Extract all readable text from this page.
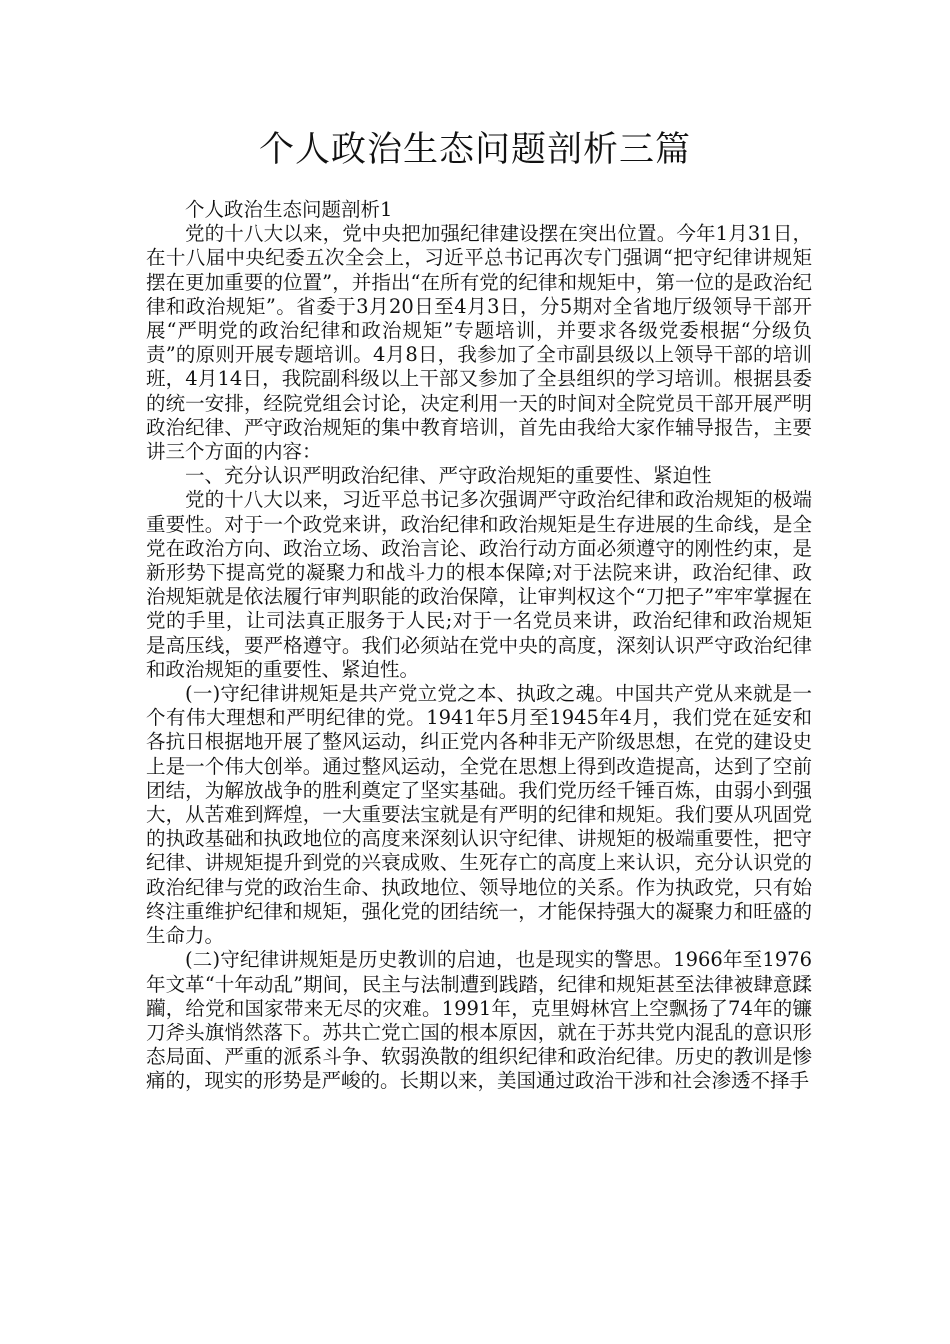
个人政治生态问题剖析三篇

个人政治生态问题剖析1

党的十八大以来，党中央把加强纪律建设摆在突出位置。今年1月31日，在十八届中央纪委五次全会上，习近平总书记再次专门强调“把守纪律讲规矩摆在更加重要的位置”，并指出“在所有党的纪律和规矩中，第一位的是政治纪律和政治规矩”。省委于3月20日至4月3日，分5期对全省地厅级领导干部开展“严明党的政治纪律和政治规矩”专题培训，并要求各级党委根据“分级负责”的原则开展专题培训。4月8日，我参加了全市副县级以上领导干部的培训班，4月14日，我院副科级以上干部又参加了全县组织的学习培训。根据县委的统一安排，经院党组会讨论，决定利用一天的时间对全院党员干部开展严明政治纪律、严守政治规矩的集中教育培训，首先由我给大家作辅导报告，主要讲三个方面的内容：

一、充分认识严明政治纪律、严守政治规矩的重要性、紧迫性

党的十八大以来，习近平总书记多次强调严守政治纪律和政治规矩的极端重要性。对于一个政党来讲，政治纪律和政治规矩是生存进展的生命线，是全党在政治方向、政治立场、政治言论、政治行动方面必须遵守的刚性约束，是新形势下提高党的凝聚力和战斗力的根本保障;对于法院来讲，政治纪律、政治规矩就是依法履行审判职能的政治保障，让审判权这个“刀把子”牢牢掌握在党的手里，让司法真正服务于人民;对于一名党员来讲，政治纪律和政治规矩是高压线，要严格遵守。我们必须站在党中央的高度，深刻认识严守政治纪律和政治规矩的重要性、紧迫性。

(一)守纪律讲规矩是共产党立党之本、执政之魂。中国共产党从来就是一个有伟大理想和严明纪律的党。1941年5月至1945年4月，我们党在延安和各抗日根据地开展了整风运动，纠正党内各种非无产阶级思想，在党的建设史上是一个伟大创举。通过整风运动，全党在思想上得到改造提高，达到了空前团结，为解放战争的胜利奠定了坚实基础。我们党历经千锤百炼，由弱小到强大，从苦难到辉煌，一大重要法宝就是有严明的纪律和规矩。我们要从巩固党的执政基础和执政地位的高度来深刻认识守纪律、讲规矩的极端重要性，把守纪律、讲规矩提升到党的兴衰成败、生死存亡的高度上来认识，充分认识党的政治纪律与党的政治生命、执政地位、领导地位的关系。作为执政党，只有始终注重维护纪律和规矩，强化党的团结统一，才能保持强大的凝聚力和旺盛的生命力。

(二)守纪律讲规矩是历史教训的启迪，也是现实的警思。1966年至1976年文革“十年动乱”期间，民主与法制遭到践踏，纪律和规矩甚至法律被肆意蹂躏，给党和国家带来无尽的灾难。1991年，克里姆林宫上空飘扬了74年的镰刀斧头旗悄然落下。苏共亡党亡国的根本原因，就在于苏共党内混乱的意识形态局面、严重的派系斗争、软弱涣散的组织纪律和政治纪律。历史的教训是惨痛的，现实的形势是严峻的。长期以来，美国通过政治干涉和社会渗透不择手
